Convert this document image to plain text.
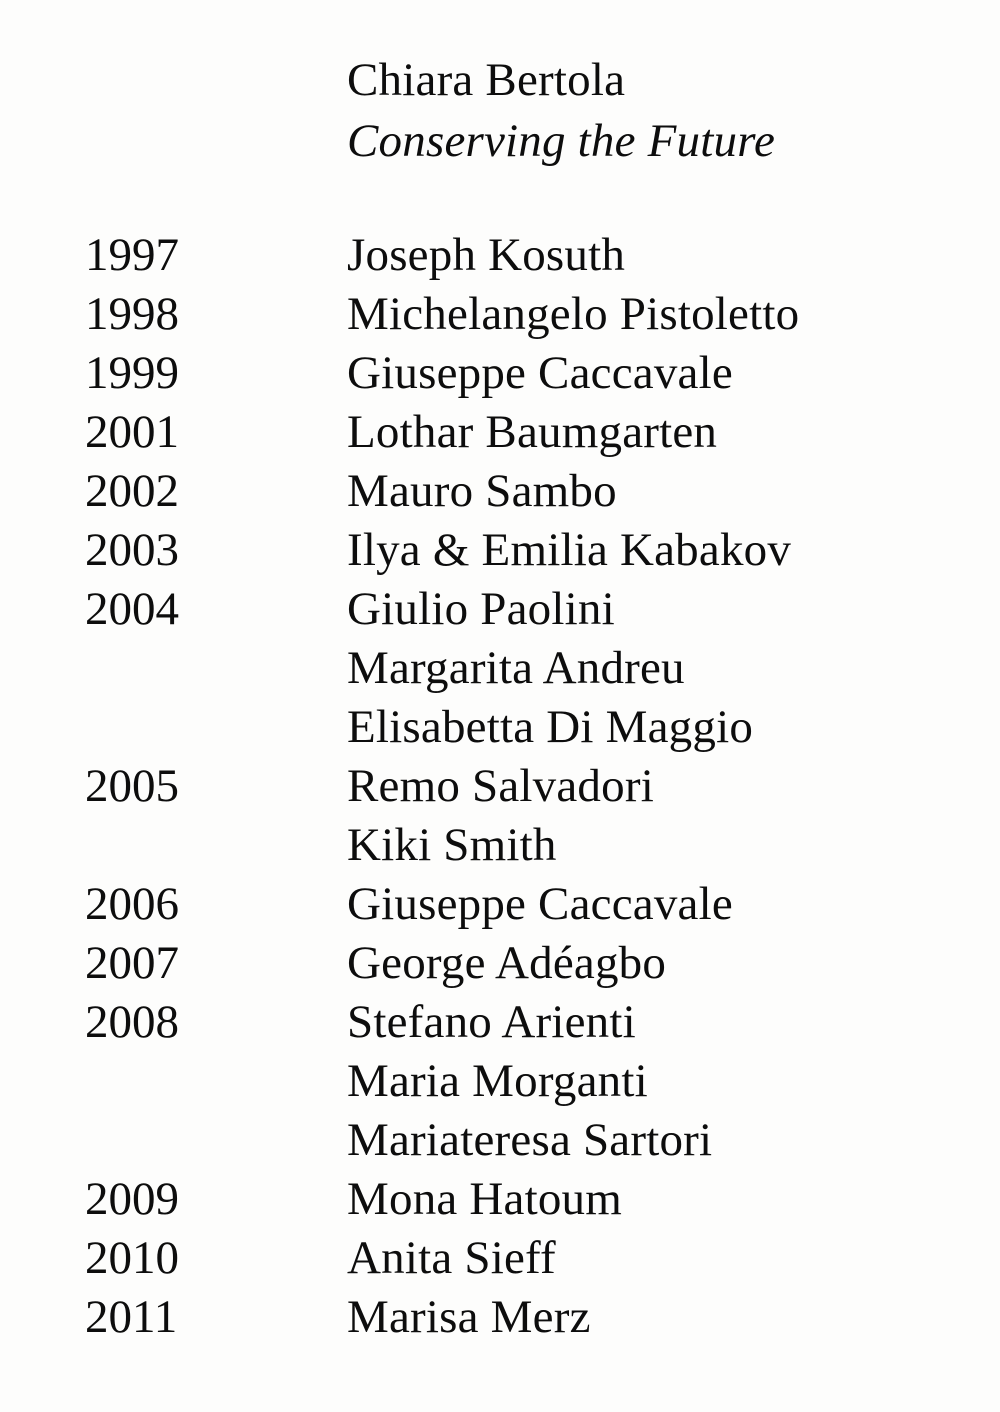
Chiara Bertola
Conserving the Future
1997	Joseph Kosuth
1998	Michelangelo Pistoletto
1999	Giuseppe Caccavale
2001	Lothar Baumgarten
2002	Mauro Sambo
2003	Ilya & Emilia Kabakov
2004	Giulio Paolini
Margarita Andreu
Elisabetta Di Maggio
2005	Remo Salvadori
Kiki Smith
2006	Giuseppe Caccavale
2007	George Adéagbo
2008	Stefano Arienti
Maria Morganti
Mariateresa Sartori
2009	Mona Hatoum
2010	Anita Sieff
2011	Marisa Merz
